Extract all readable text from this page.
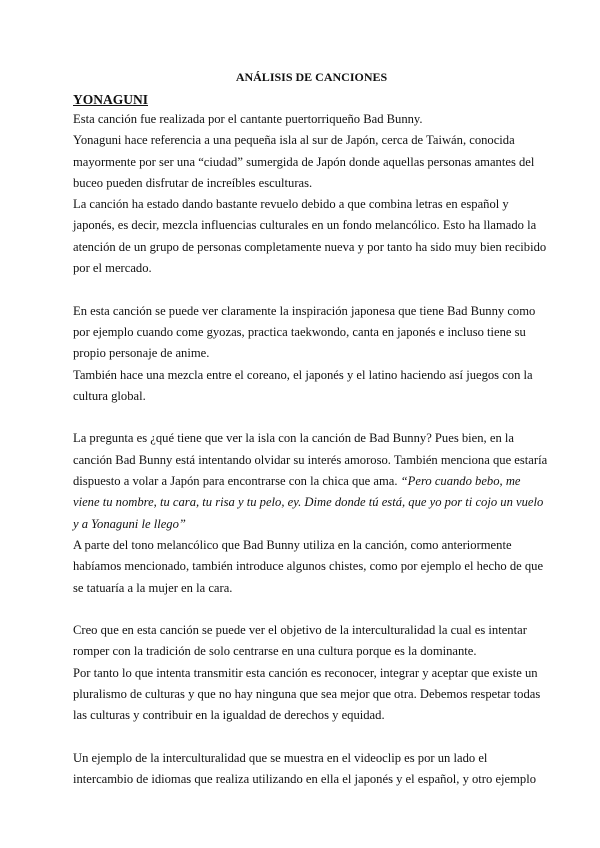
ANÁLISIS DE CANCIONES
YONAGUNI

Esta canción fue realizada por el cantante puertorriqueño Bad Bunny.

Yonaguni hace referencia a una pequeña isla al sur de Japón, cerca de Taiwán, conocida mayormente por ser una “ciudad” sumergida de Japón donde aquellas personas amantes del buceo pueden disfrutar de increíbles esculturas.

La canción ha estado dando bastante revuelo debido a que combina letras en español y japonés, es decir, mezcla influencias culturales en un fondo melancólico. Esto ha llamado la atención de un grupo de personas completamente nueva y por tanto ha sido muy bien recibido por el mercado.

En esta canción se puede ver claramente la inspiración japonesa que tiene Bad Bunny como por ejemplo cuando come gyozas, practica taekwondo, canta en japonés e incluso tiene su propio personaje de anime.

También hace una mezcla entre el coreano, el japonés y el latino haciendo así juegos con la cultura global.

La pregunta es ¿qué tiene que ver la isla con la canción de Bad Bunny? Pues bien, en la canción Bad Bunny está intentando olvidar su interés amoroso. También menciona que estaría dispuesto a volar a Japón para encontrarse con la chica que ama. “Pero cuando bebo, me viene tu nombre, tu cara, tu risa y tu pelo, ey. Dime donde tú está, que yo por ti cojo un vuelo y a Yonaguni le llego”

A parte del tono melancólico que Bad Bunny utiliza en la canción, como anteriormente habíamos mencionado, también introduce algunos chistes, como por ejemplo el hecho de que se tatuaría a la mujer en la cara.

Creo que en esta canción se puede ver el objetivo de la interculturalidad la cual es intentar romper con la tradición de solo centrarse en una cultura porque es la dominante.

Por tanto lo que intenta transmitir esta canción es reconocer, integrar y aceptar que existe un pluralismo de culturas y que no hay ninguna que sea mejor que otra. Debemos respetar todas las culturas y contribuir en la igualdad de derechos y equidad.

Un ejemplo de la interculturalidad que se muestra en el videoclip es por un lado el intercambio de idiomas que realiza utilizando en ella el japonés y el español, y otro ejemplo
